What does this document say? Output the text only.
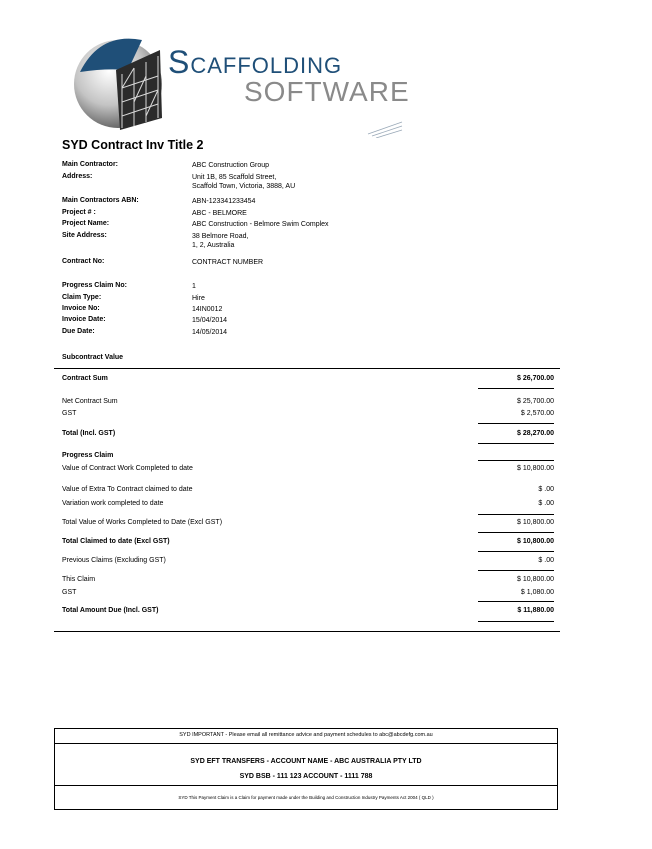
Scaffolding
SOFTWARE
SYD Contract Inv Title 2
Main Contractor:	ABC Construction Group
Address:	Unit 1B, 85 Scaffold Street,
Scaffold Town, Victoria, 3888, AU
Main Contractors ABN:	ABN-123341233454
Project # :	ABC - BELMORE
Project Name:	ABC Construction - Belmore Swim Complex
Site Address:	38 Belmore Road,
1, 2, Australia
Contract No:	CONTRACT NUMBER
Progress Claim No:	1
Claim Type:	Hire
Invoice No:	14IN0012
Invoice Date:	15/04/2014
Due Date:	14/05/2014
Subcontract Value
Contract Sum	$ 26,700.00
Net Contract Sum	$ 25,700.00
GST	$ 2,570.00
Total (Incl. GST)	$ 28,270.00
Progress Claim
Value of Contract Work Completed to date	$ 10,800.00
Value of Extra To Contract claimed to date	$ .00
Variation work completed to date	$ .00
Total Value of Works Completed to Date (Excl GST)	$ 10,800.00
Total Claimed to date (Excl GST)	$ 10,800.00
Previous Claims (Excluding GST)	$ .00
This Claim	$ 10,800.00
GST	$ 1,080.00
Total Amount Due (Incl. GST)	$ 11,880.00
SYD IMPORTANT - Please email all remittance advice and payment schedules to abc@abcdefg.com.au
SYD EFT TRANSFERS - ACCOUNT NAME - ABC AUSTRALIA PTY LTD
SYD BSB - 111 123 ACCOUNT - 1111 788
SYD This Payment Claim is a Claim for payment made under the Building and Construction Industry Payments Act 2004 ( QLD )
